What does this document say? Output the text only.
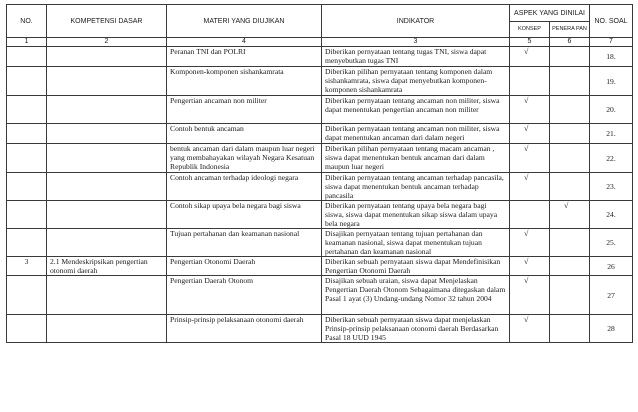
NO.	KOMPETENSI DASAR	MATERI YANG DIUJIKAN	INDIKATOR	ASPEK YANG DINILAI		NO. SOAL
				KONSEP	PENERA PAN	
1	2	4	3	5	6	7
		Peranan TNI dan POLRI	Diberikan pernyataan tentang tugas TNI, siswa dapat menyebutkan tugas TNI	√		18.
		Komponen-komponen sishankamrata	Diberikan pilihan pernyataan tentang komponen dalam sishankamrata, siswa dapat menyebutkan komponen-komponen sishankamrata			19.
		Pengertian ancaman non militer	Diberikan pernyataan tentang ancaman non militer, siswa dapat menentukan pengertian ancaman non militer	√		20.
		Contoh bentuk ancaman	Diberikan pernyataan tentang ancaman non militer, siswa dapat menentukan ancaman dari dalam negeri	√		21.
		bentuk ancaman dari dalam maupun luar negeri yang membahayakan wilayah Negara Kesatuan Republik Indonesia	Diberikan pilihan pernyataan tentang macam ancaman , siswa dapat menentukan bentuk ancaman dari dalam maupun luar negeri	√		22.
		Contoh ancaman terhadap ideologi negara	Diberikan pernyataan tentang ancaman terhadap pancasila, siswa dapat menentukan bentuk ancaman terhadap pancasila	√		23.
		Contoh sikap upaya bela negara bagi siswa	Diberikan pernyataan tentang upaya bela negara bagi siswa, siswa dapat menentukan sikap siswa dalam upaya bela negara		√	24.
		Tujuan pertahanan dan keamanan nasional	Disajikan pernyataan tentang tujuan pertahanan dan keamanan nasional, siswa dapat menentukan tujuan pertahanan dan keamanan nasional	√		25.
3	2.1 Mendeskripsikan pengertian otonomi daerah	Pengertian Otonomi Daerah	Diberikan sebuah pernyataan siswa dapat Mendefinisikan Pengertian Otonomi Daerah	√		26
		Pengertian Daerah Otonom	Disajikan sebuah uraian, siswa dapat Menjelaskan Pengertian Daerah Otonom Sebagaimana ditegaskan dalam Pasal 1 ayat (3) Undang-undang Nomor 32 tahun 2004	√		27
		Prinsip-prinsip pelaksanaan otonomi daerah	Diberikan sebuah pernyataan siswa dapat menjelaskan Prinsip-prinsip pelaksanaan otonomi daerah Berdasarkan Pasal 18 UUD 1945	√		28
